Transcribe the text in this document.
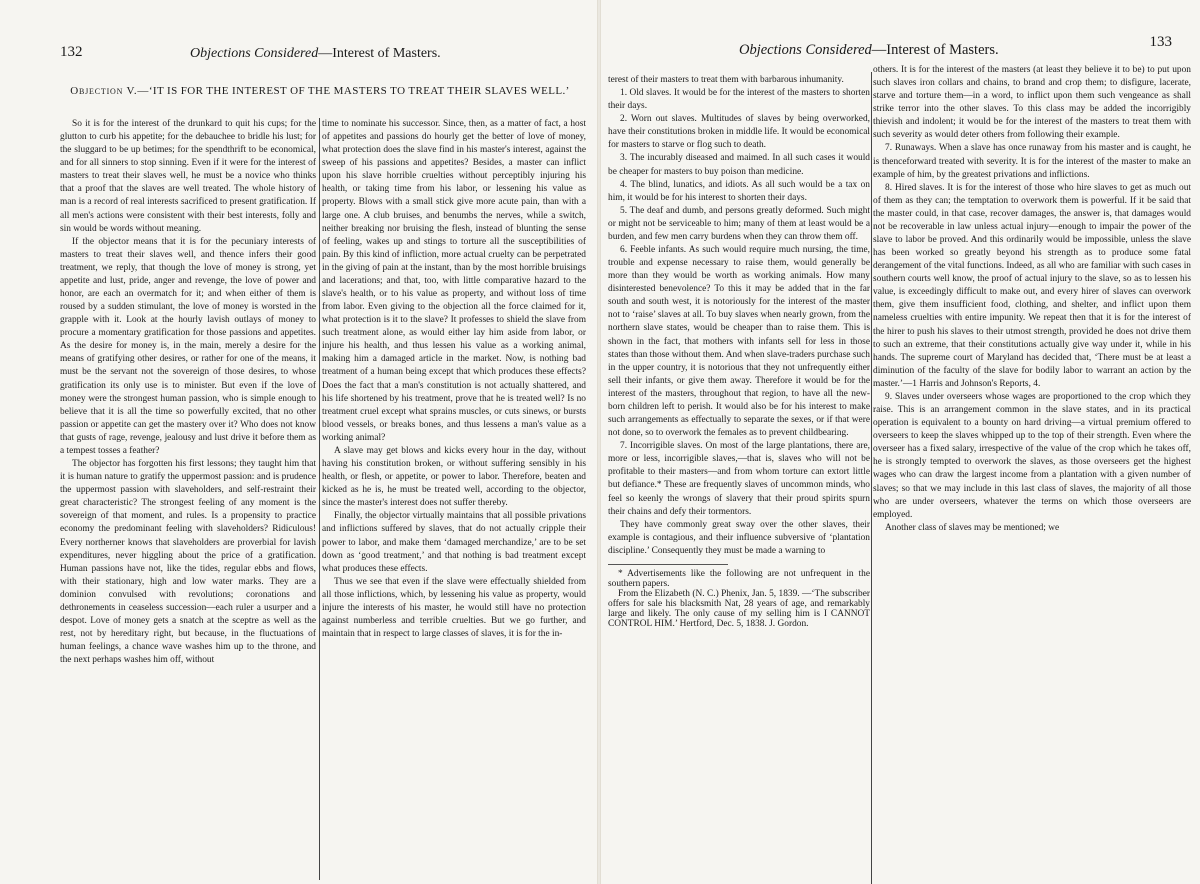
132	Objections Considered—Interest of Masters.
Objection V.—‘IT IS FOR THE INTEREST OF THE MASTERS TO TREAT THEIR SLAVES WELL.’

So it is for the interest of the drunkard to quit his cups; for the glutton to curb his appetite; for the debauchee to bridle his lust; for the sluggard to be up betimes; for the spendthrift to be economical, and for all sinners to stop sinning. Even if it were for the interest of masters to treat their slaves well, he must be a novice who thinks that a proof that the slaves are well treated. The whole history of man is a record of real interests sacrificed to present gratification. If all men's actions were consistent with their best interests, folly and sin would be words without meaning.

If the objector means that it is for the pecuniary interests of masters to treat their slaves well, and thence infers their good treatment, we reply, that though the love of money is strong, yet appetite and lust, pride, anger and revenge, the love of power and honor, are each an overmatch for it; and when either of them is roused by a sudden stimulant, the love of money is worsted in the grapple with it. Look at the hourly lavish outlays of money to procure a momentary gratification for those passions and appetites. As the desire for money is, in the main, merely a desire for the means of gratifying other desires, or rather for one of the means, it must be the servant not the sovereign of those desires, to whose gratification its only use is to minister. But even if the love of money were the strongest human passion, who is simple enough to believe that it is all the time so powerfully excited, that no other passion or appetite can get the mastery over it? Who does not know that gusts of rage, revenge, jealousy and lust drive it before them as a tempest tosses a feather?

The objector has forgotten his first lessons; they taught him that it is human nature to gratify the uppermost passion: and is prudence the uppermost passion with slaveholders, and self-restraint their great characteristic? The strongest feeling of any moment is the sovereign of that moment, and rules. Is a propensity to practice economy the predominant feeling with slaveholders? Ridiculous! Every northerner knows that slaveholders are proverbial for lavish expenditures, never higgling about the price of a gratification. Human passions have not, like the tides, regular ebbs and flows, with their stationary, high and low water marks. They are a dominion convulsed with revolutions; coronations and dethronements in ceaseless succession—each ruler a usurper and a despot. Love of money gets a snatch at the sceptre as well as the rest, not by hereditary right, but because, in the fluctuations of human feelings, a chance wave washes him up to the throne, and the next perhaps washes him off, without

time to nominate his successor. Since, then, as a matter of fact, a host of appetites and passions do hourly get the better of love of money, what protection does the slave find in his master's interest, against the sweep of his passions and appetites? Besides, a master can inflict upon his slave horrible cruelties without perceptibly injuring his health, or taking time from his labor, or lessening his value as property. Blows with a small stick give more acute pain, than with a large one. A club bruises, and benumbs the nerves, while a switch, neither breaking nor bruising the flesh, instead of blunting the sense of feeling, wakes up and stings to torture all the susceptibilities of pain. By this kind of infliction, more actual cruelty can be perpetrated in the giving of pain at the instant, than by the most horrible bruisings and lacerations; and that, too, with little comparative hazard to the slave's health, or to his value as property, and without loss of time from labor. Even giving to the objection all the force claimed for it, what protection is it to the slave? It professes to shield the slave from such treatment alone, as would either lay him aside from labor, or injure his health, and thus lessen his value as a working animal, making him a damaged article in the market. Now, is nothing bad treatment of a human being except that which produces these effects? Does the fact that a man's constitution is not actually shattered, and his life shortened by his treatment, prove that he is treated well? Is no treatment cruel except what sprains muscles, or cuts sinews, or bursts blood vessels, or breaks bones, and thus lessens a man's value as a working animal?

A slave may get blows and kicks every hour in the day, without having his constitution broken, or without suffering sensibly in his health, or flesh, or appetite, or power to labor. Therefore, beaten and kicked as he is, he must be treated well, according to the objector, since the master's interest does not suffer thereby.

Finally, the objector virtually maintains that all possible privations and inflictions suffered by slaves, that do not actually cripple their power to labor, and make them ‘damaged merchandize,’ are to be set down as ‘good treatment,’ and that nothing is bad treatment except what produces these effects.

Thus we see that even if the slave were effectually shielded from all those inflictions, which, by lessening his value as property, would injure the interests of his master, he would still have no protection against numberless and terrible cruelties. But we go further, and maintain that in respect to large classes of slaves, it is for the in-

Objections Considered—Interest of Masters.	133

terest of their masters to treat them with barbarous inhumanity.

1. Old slaves. It would be for the interest of the masters to shorten their days.

2. Worn out slaves. Multitudes of slaves by being overworked, have their constitutions broken in middle life. It would be economical for masters to starve or flog such to death.

3. The incurably diseased and maimed. In all such cases it would be cheaper for masters to buy poison than medicine.

4. The blind, lunatics, and idiots. As all such would be a tax on him, it would be for his interest to shorten their days.

5. The deaf and dumb, and persons greatly deformed. Such might or might not be serviceable to him; many of them at least would be a burden, and few men carry burdens when they can throw them off.

6. Feeble infants. As such would require much nursing, the time, trouble and expense necessary to raise them, would generally be more than they would be worth as working animals. How many disinterested benevolence? To this it may be added that in the far south and south west, it is notoriously for the interest of the master not to ‘raise’ slaves at all. To buy slaves when nearly grown, from the northern slave states, would be cheaper than to raise them. This is shown in the fact, that mothers with infants sell for less in those states than those without them. And when slave-traders purchase such in the upper country, it is notorious that they not unfrequently either sell their infants, or give them away. Therefore it would be for the interest of the masters, throughout that region, to have all the new-born children left to perish. It would also be for his interest to make such arrangements as effectually to separate the sexes, or if that were not done, so to overwork the females as to prevent childbearing.

7. Incorrigible slaves. On most of the large plantations, there are, more or less, incorrigible slaves,—that is, slaves who will not be profitable to their masters—and from whom torture can extort little but defiance.* These are frequently slaves of uncommon minds, who feel so keenly the wrongs of slavery that their proud spirits spurn their chains and defy their tormentors.

They have commonly great sway over the other slaves, their example is contagious, and their influence subversive of ‘plantation discipline.’ Consequently they must be made a warning to

* Advertisements like the following are not unfrequent in the southern papers.

From the Elizabeth (N. C.) Phenix, Jan. 5, 1839. —‘The subscriber offers for sale his blacksmith Nat, 28 years of age, and remarkably large and likely. The only cause of my selling him is I CANNOT CONTROL HIM.’ Hertford, Dec. 5, 1838. J. Gordon.

others. It is for the interest of the masters (at least they believe it to be) to put upon such slaves iron collars and chains, to brand and crop them; to disfigure, lacerate, starve and torture them—in a word, to inflict upon them such vengeance as shall strike terror into the other slaves. To this class may be added the incorrigibly thievish and indolent; it would be for the interest of the masters to treat them with such severity as would deter others from following their example.

7. Runaways. When a slave has once runaway from his master and is caught, he is thenceforward treated with severity. It is for the interest of the master to make an example of him, by the greatest privations and inflictions.

8. Hired slaves. It is for the interest of those who hire slaves to get as much out of them as they can; the temptation to overwork them is powerful. If it be said that the master could, in that case, recover damages, the answer is, that damages would not be recoverable in law unless actual injury—enough to impair the power of the slave to labor be proved. And this ordinarily would be impossible, unless the slave has been worked so greatly beyond his strength as to produce some fatal derangement of the vital functions. Indeed, as all who are familiar with such cases in southern courts well know, the proof of actual injury to the slave, so as to lessen his value, is exceedingly difficult to make out, and every hirer of slaves can overwork them, give them insufficient food, clothing, and shelter, and inflict upon them nameless cruelties with entire impunity. We repeat then that it is for the interest of the hirer to push his slaves to their utmost strength, provided he does not drive them to such an extreme, that their constitutions actually give way under it, while in his hands. The supreme court of Maryland has decided that, ‘There must be at least a diminution of the faculty of the slave for bodily labor to warrant an action by the master.’—1 Harris and Johnson's Reports, 4.

9. Slaves under overseers whose wages are proportioned to the crop which they raise. This is an arrangement common in the slave states, and in its practical operation is equivalent to a bounty on hard driving—a virtual premium offered to overseers to keep the slaves whipped up to the top of their strength. Even where the overseer has a fixed salary, irrespective of the value of the crop which he takes off, he is strongly tempted to overwork the slaves, as those overseers get the highest wages who can draw the largest income from a plantation with a given number of slaves; so that we may include in this last class of slaves, the majority of all those who are under overseers, whatever the terms on which those overseers are employed.

Another class of slaves may be mentioned; we
